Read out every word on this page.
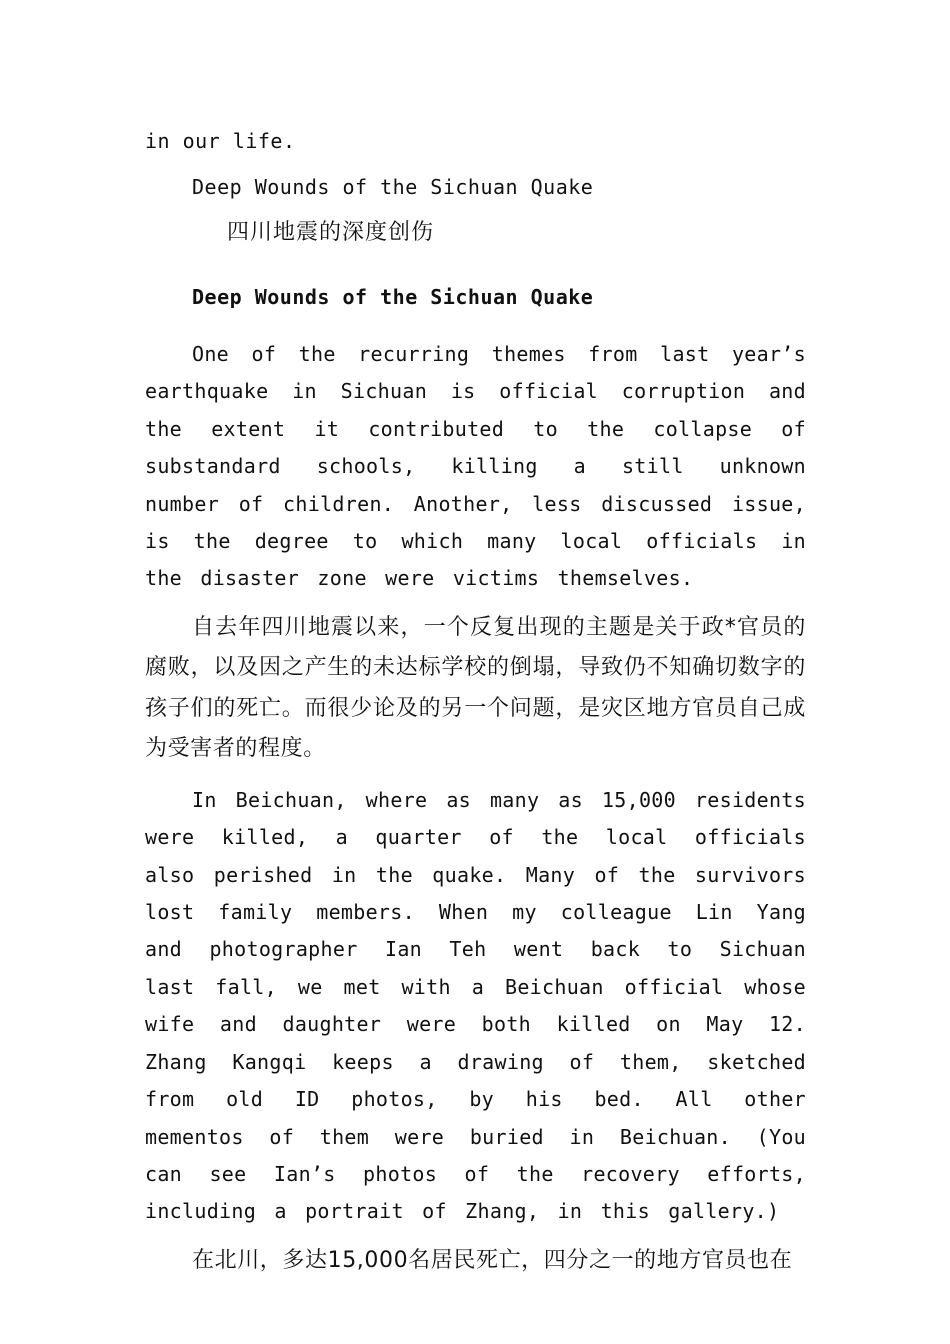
in our life.

Deep Wounds of the Sichuan Quake

四川地震的深度创伤

Deep Wounds of the Sichuan Quake

One of the recurring themes from last year’s earthquake in Sichuan is official corruption and the extent it contributed to the collapse of substandard schools, killing a still unknown number of children. Another, less discussed issue, is the degree to which many local officials in the disaster zone were victims themselves.

自去年四川地震以来，一个反复出现的主题是关于政*官员的腐败，以及因之产生的未达标学校的倒塌，导致仍不知确切数字的孩子们的死亡。而很少论及的另一个问题，是灾区地方官员自己成为受害者的程度。

In Beichuan, where as many as 15,000 residents were killed, a quarter of the local officials also perished in the quake. Many of the survivors lost family members. When my colleague Lin Yang and photographer Ian Teh went back to Sichuan last fall, we met with a Beichuan official whose wife and daughter were both killed on May 12. Zhang Kangqi keeps a drawing of them, sketched from old ID photos, by his bed. All other mementos of them were buried in Beichuan. (You can see Ian’s photos of the recovery efforts, including a portrait of Zhang, in this gallery.)

在北川，多达15,000名居民死亡，四分之一的地方官员也在
